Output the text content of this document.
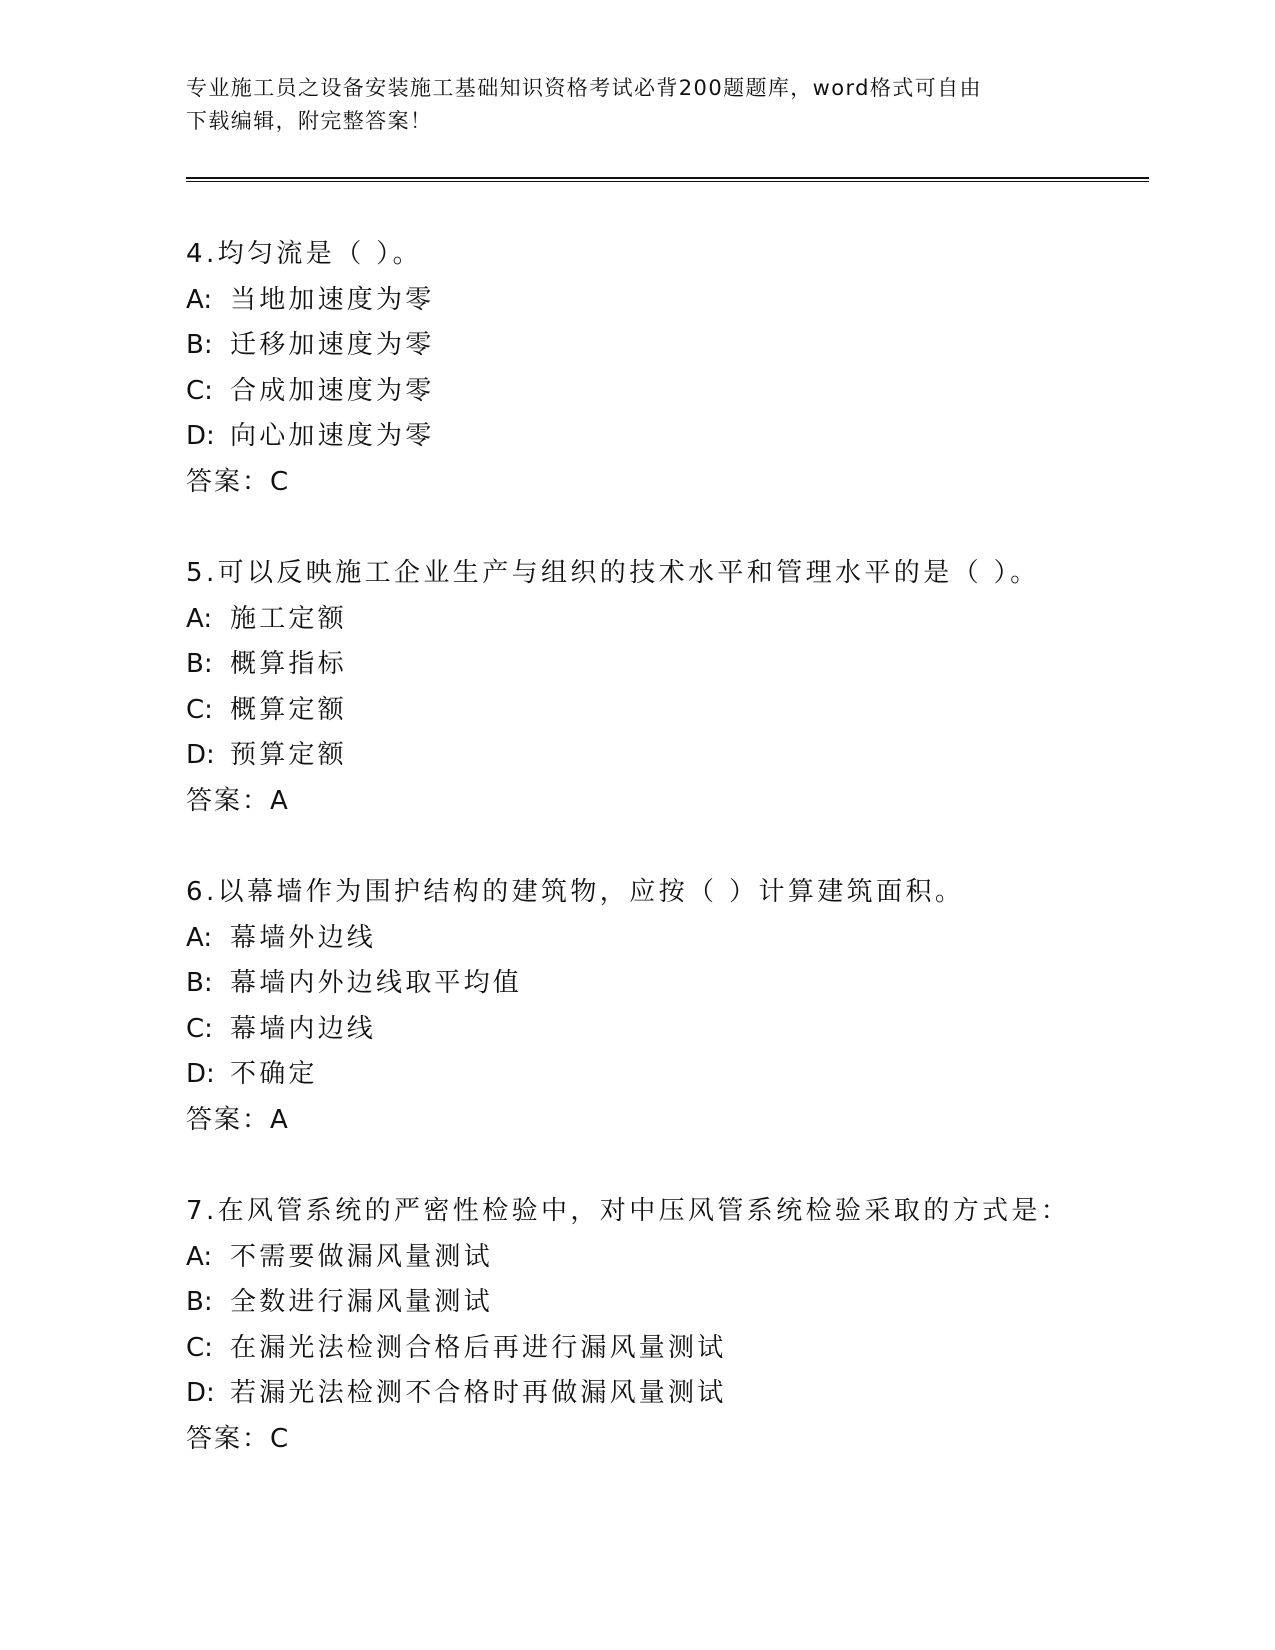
专业施工员之设备安装施工基础知识资格考试必背200题题库，word格式可自由
下载编辑，附完整答案！
4.均匀流是（ ）。
A: 当地加速度为零
B: 迁移加速度为零
C: 合成加速度为零
D: 向心加速度为零
答案：C
5.可以反映施工企业生产与组织的技术水平和管理水平的是（ ）。
A: 施工定额
B: 概算指标
C: 概算定额
D: 预算定额
答案：A
6.以幕墙作为围护结构的建筑物，应按（ ）计算建筑面积。
A: 幕墙外边线
B: 幕墙内外边线取平均值
C: 幕墙内边线
D: 不确定
答案：A
7.在风管系统的严密性检验中，对中压风管系统检验采取的方式是：
A: 不需要做漏风量测试
B: 全数进行漏风量测试
C: 在漏光法检测合格后再进行漏风量测试
D: 若漏光法检测不合格时再做漏风量测试
答案：C
